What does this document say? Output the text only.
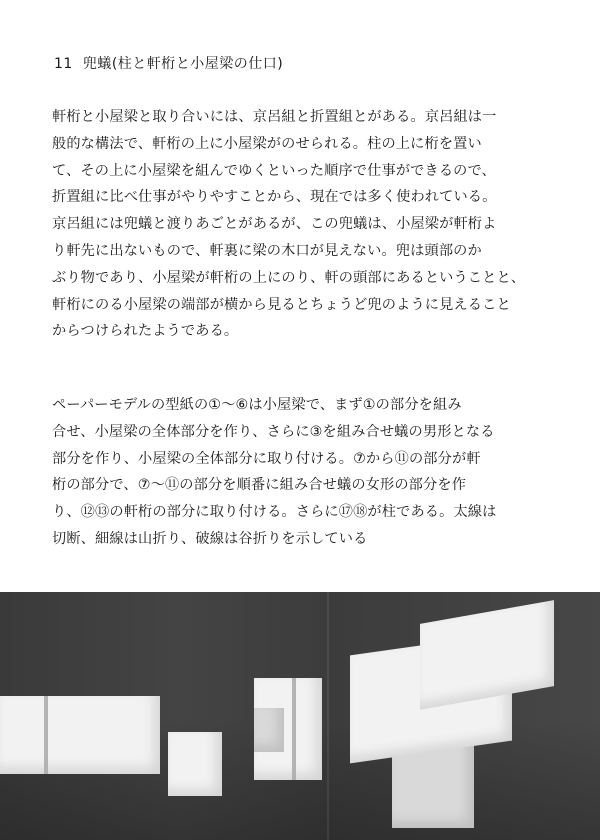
11 兜蟻(柱と軒桁と小屋梁の仕口)

軒桁と小屋梁と取り合いには、京呂組と折置組とがある。京呂組は一
般的な構法で、軒桁の上に小屋梁がのせられる。柱の上に桁を置い
て、その上に小屋梁を組んでゆくといった順序で仕事ができるので、
折置組に比べ仕事がやりやすことから、現在では多く使われている。
京呂組には兜蟻と渡りあごとがあるが、この兜蟻は、小屋梁が軒桁よ
り軒先に出ないもので、軒裏に梁の木口が見えない。兜は頭部のか
ぶり物であり、小屋梁が軒桁の上にのり、軒の頭部にあるということと、
軒桁にのる小屋梁の端部が横から見るとちょうど兜のように見えること
からつけられたようである。

ペーパーモデルの型紙の①～⑥は小屋梁で、まず①の部分を組み
合せ、小屋梁の全体部分を作り、さらに③を組み合せ蟻の男形となる
部分を作り、小屋梁の全体部分に取り付ける。⑦から⑪の部分が軒
桁の部分で、⑦～⑪の部分を順番に組み合せ蟻の女形の部分を作
り、⑫⑬の軒桁の部分に取り付ける。さらに⑰⑱が柱である。太線は
切断、細線は山折り、破線は谷折りを示している
